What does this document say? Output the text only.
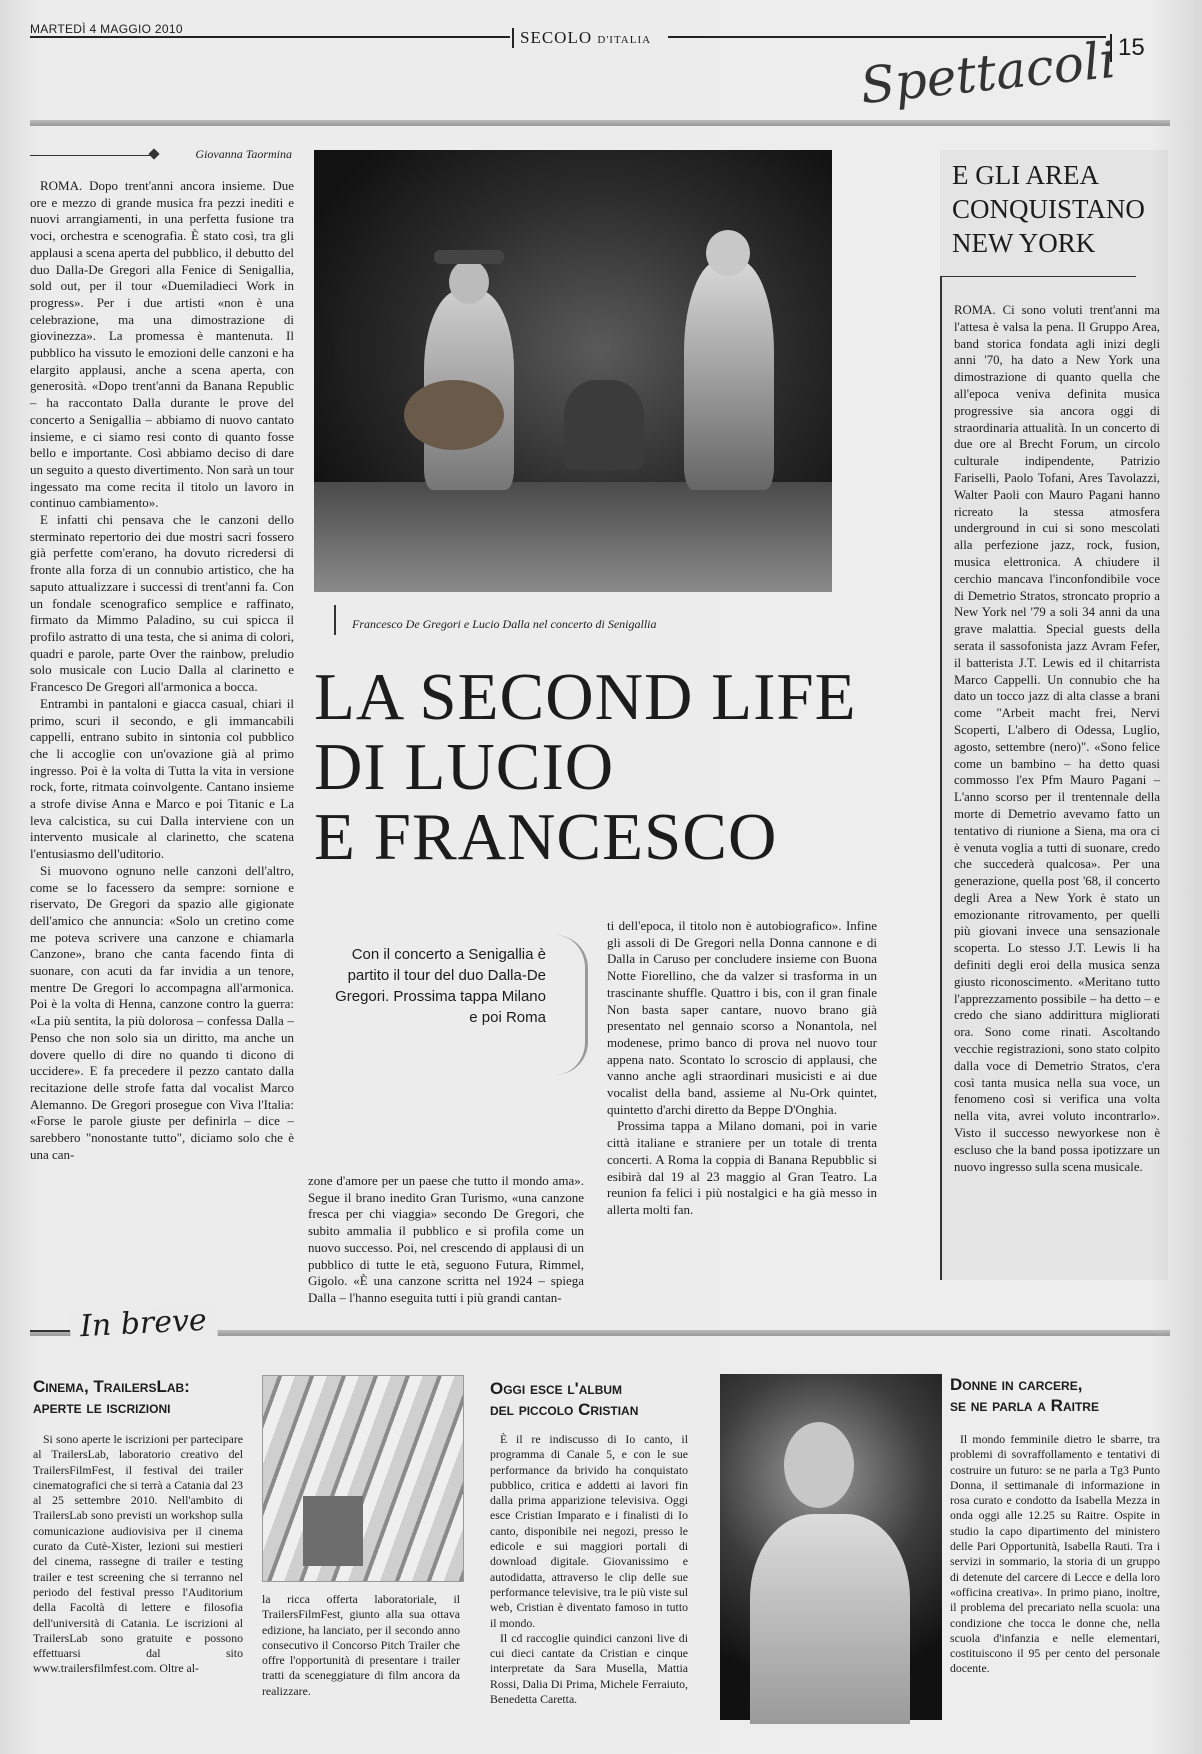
MARTEDÌ 4 MAGGIO 2010	SECOLO D'ITALIA	15
Spettacoli
Giovanna Taormina

ROMA. Dopo trent'anni ancora insieme. Due ore e mezzo di grande musica fra pezzi inediti e nuovi arrangiamenti, in una perfetta fusione tra voci, orchestra e scenografia. È stato così, tra gli applausi a scena aperta del pubblico, il debutto del duo Dalla-De Gregori alla Fenice di Senigallia, sold out, per il tour «Duemiladieci Work in progress». Per i due artisti «non è una celebrazione, ma una dimostrazione di giovinezza». La promessa è mantenuta. Il pubblico ha vissuto le emozioni delle canzoni e ha elargito applausi, anche a scena aperta, con generosità. «Dopo trent'anni da Banana Republic – ha raccontato Dalla durante le prove del concerto a Senigallia – abbiamo di nuovo cantato insieme, e ci siamo resi conto di quanto fosse bello e importante. Così abbiamo deciso di dare un seguito a questo divertimento. Non sarà un tour ingessato ma come recita il titolo un lavoro in continuo cambiamento».

E infatti chi pensava che le canzoni dello sterminato repertorio dei due mostri sacri fossero già perfette com'erano, ha dovuto ricredersi di fronte alla forza di un connubio artistico, che ha saputo attualizzare i successi di trent'anni fa. Con un fondale scenografico semplice e raffinato, firmato da Mimmo Paladino, su cui spicca il profilo astratto di una testa, che si anima di colori, quadri e parole, parte Over the rainbow, preludio solo musicale con Lucio Dalla al clarinetto e Francesco De Gregori all'armonica a bocca.

Entrambi in pantaloni e giacca casual, chiari il primo, scuri il secondo, e gli immancabili cappelli, entrano subito in sintonia col pubblico che li accoglie con un'ovazione già al primo ingresso. Poi è la volta di Tutta la vita in versione rock, forte, ritmata coinvolgente. Cantano insieme a strofe divise Anna e Marco e poi Titanic e La leva calcistica, su cui Dalla interviene con un intervento musicale al clarinetto, che scatena l'entusiasmo dell'uditorio.

Si muovono ognuno nelle canzoni dell'altro, come se lo facessero da sempre: sornione e riservato, De Gregori da spazio alle gigionate dell'amico che annuncia: «Solo un cretino come me poteva scrivere una canzone e chiamarla Canzone», brano che canta facendo finta di suonare, con acuti da far invidia a un tenore, mentre De Gregori lo accompagna all'armonica. Poi è la volta di Henna, canzone contro la guerra: «La più sentita, la più dolorosa – confessa Dalla – Penso che non solo sia un diritto, ma anche un dovere quello di dire no quando ti dicono di uccidere». E fa precedere il pezzo cantato dalla recitazione delle strofe fatta dal vocalist Marco Alemanno. De Gregori prosegue con Viva l'Italia: «Forse le parole giuste per definirla – dice – sarebbero "nonostante tutto", diciamo solo che è una can-

Francesco De Gregori e Lucio Dalla nel concerto di Senigallia
LA SECOND LIFE
DI LUCIO
E FRANCESCO
Con il concerto a Senigallia è partito il tour del duo Dalla-De Gregori. Prossima tappa Milano e poi Roma

zone d'amore per un paese che tutto il mondo ama». Segue il brano inedito Gran Turismo, «una canzone fresca per chi viaggia» secondo De Gregori, che subito ammalia il pubblico e si profila come un nuovo successo. Poi, nel crescendo di applausi di un pubblico di tutte le età, seguono Futura, Rimmel, Gigolo. «È una canzone scritta nel 1924 – spiega Dalla – l'hanno eseguita tutti i più grandi cantan-

ti dell'epoca, il titolo non è autobiografico». Infine gli assoli di De Gregori nella Donna cannone e di Dalla in Caruso per concludere insieme con Buona Notte Fiorellino, che da valzer si trasforma in un trascinante shuffle. Quattro i bis, con il gran finale Non basta saper cantare, nuovo brano già presentato nel gennaio scorso a Nonantola, nel modenese, primo banco di prova nel nuovo tour appena nato. Scontato lo scroscio di applausi, che vanno anche agli straordinari musicisti e ai due vocalist della band, assieme al Nu-Ork quintet, quintetto d'archi diretto da Beppe D'Onghia.

Prossima tappa a Milano domani, poi in varie città italiane e straniere per un totale di trenta concerti. A Roma la coppia di Banana Repubblic si esibirà dal 19 al 23 maggio al Gran Teatro. La reunion fa felici i più nostalgici e ha già messo in allerta molti fan.

E GLI AREA
CONQUISTANO
NEW YORK
ROMA. Ci sono voluti trent'anni ma l'attesa è valsa la pena. Il Gruppo Area, band storica fondata agli inizi degli anni '70, ha dato a New York una dimostrazione di quanto quella che all'epoca veniva definita musica progressive sia ancora oggi di straordinaria attualità. In un concerto di due ore al Brecht Forum, un circolo culturale indipendente, Patrizio Fariselli, Paolo Tofani, Ares Tavolazzi, Walter Paoli con Mauro Pagani hanno ricreato la stessa atmosfera underground in cui si sono mescolati alla perfezione jazz, rock, fusion, musica elettronica. A chiudere il cerchio mancava l'inconfondibile voce di Demetrio Stratos, stroncato proprio a New York nel '79 a soli 34 anni da una grave malattia. Special guests della serata il sassofonista jazz Avram Fefer, il batterista J.T. Lewis ed il chitarrista Marco Cappelli. Un connubio che ha dato un tocco jazz di alta classe a brani come "Arbeit macht frei, Nervi Scoperti, L'albero di Odessa, Luglio, agosto, settembre (nero)". «Sono felice come un bambino – ha detto quasi commosso l'ex Pfm Mauro Pagani – L'anno scorso per il trentennale della morte di Demetrio avevamo fatto un tentativo di riunione a Siena, ma ora ci è venuta voglia a tutti di suonare, credo che succederà qualcosa». Per una generazione, quella post '68, il concerto degli Area a New York è stato un emozionante ritrovamento, per quelli più giovani invece una sensazionale scoperta. Lo stesso J.T. Lewis li ha definiti degli eroi della musica senza giusto riconoscimento. «Meritano tutto l'apprezzamento possibile – ha detto – e credo che siano addirittura migliorati ora. Sono come rinati. Ascoltando vecchie registrazioni, sono stato colpito dalla voce di Demetrio Stratos, c'era così tanta musica nella sua voce, un fenomeno così si verifica una volta nella vita, avrei voluto incontrarlo». Visto il successo newyorkese non è escluso che la band possa ipotizzare un nuovo ingresso sulla scena musicale.
In breve
Cinema, TrailersLab:
aperte le iscrizioni

Si sono aperte le iscrizioni per partecipare al TrailersLab, laboratorio creativo del TrailersFilmFest, il festival dei trailer cinematografici che si terrà a Catania dal 23 al 25 settembre 2010. Nell'ambito di TrailersLab sono previsti un workshop sulla comunicazione audiovisiva per il cinema curato da Cutè-Xister, lezioni sui mestieri del cinema, rassegne di trailer e testing trailer e test screening che si terranno nel periodo del festival presso l'Auditorium della Facoltà di lettere e filosofia dell'università di Catania. Le iscrizioni al TrailersLab sono gratuite e possono effettuarsi dal sito www.trailersfilmfest.com. Oltre al-

la ricca offerta laboratoriale, il TrailersFilmFest, giunto alla sua ottava edizione, ha lanciato, per il secondo anno consecutivo il Concorso Pitch Trailer che offre l'opportunità di presentare i trailer tratti da sceneggiature di film ancora da realizzare.

Oggi esce l'album
del piccolo Cristian

È il re indiscusso di Io canto, il programma di Canale 5, e con le sue performance da brivido ha conquistato pubblico, critica e addetti ai lavori fin dalla prima apparizione televisiva. Oggi esce Cristian Imparato e i finalisti di Io canto, disponibile nei negozi, presso le edicole e sui maggiori portali di download digitale. Giovanissimo e autodidatta, attraverso le clip delle sue performance televisive, tra le più viste sul web, Cristian è diventato famoso in tutto il mondo.

Il cd raccoglie quindici canzoni live di cui dieci cantate da Cristian e cinque interpretate da Sara Musella, Mattia Rossi, Dalia Di Prima, Michele Ferraiuto, Benedetta Caretta.

Donne in carcere,
se ne parla a Raitre

Il mondo femminile dietro le sbarre, tra problemi di sovraffollamento e tentativi di costruire un futuro: se ne parla a Tg3 Punto Donna, il settimanale di informazione in rosa curato e condotto da Isabella Mezza in onda oggi alle 12.25 su Raitre. Ospite in studio la capo dipartimento del ministero delle Pari Opportunità, Isabella Rauti. Tra i servizi in sommario, la storia di un gruppo di detenute del carcere di Lecce e della loro «officina creativa». In primo piano, inoltre, il problema del precariato nella scuola: una condizione che tocca le donne che, nella scuola d'infanzia e nelle elementari, costituiscono il 95 per cento del personale docente.
